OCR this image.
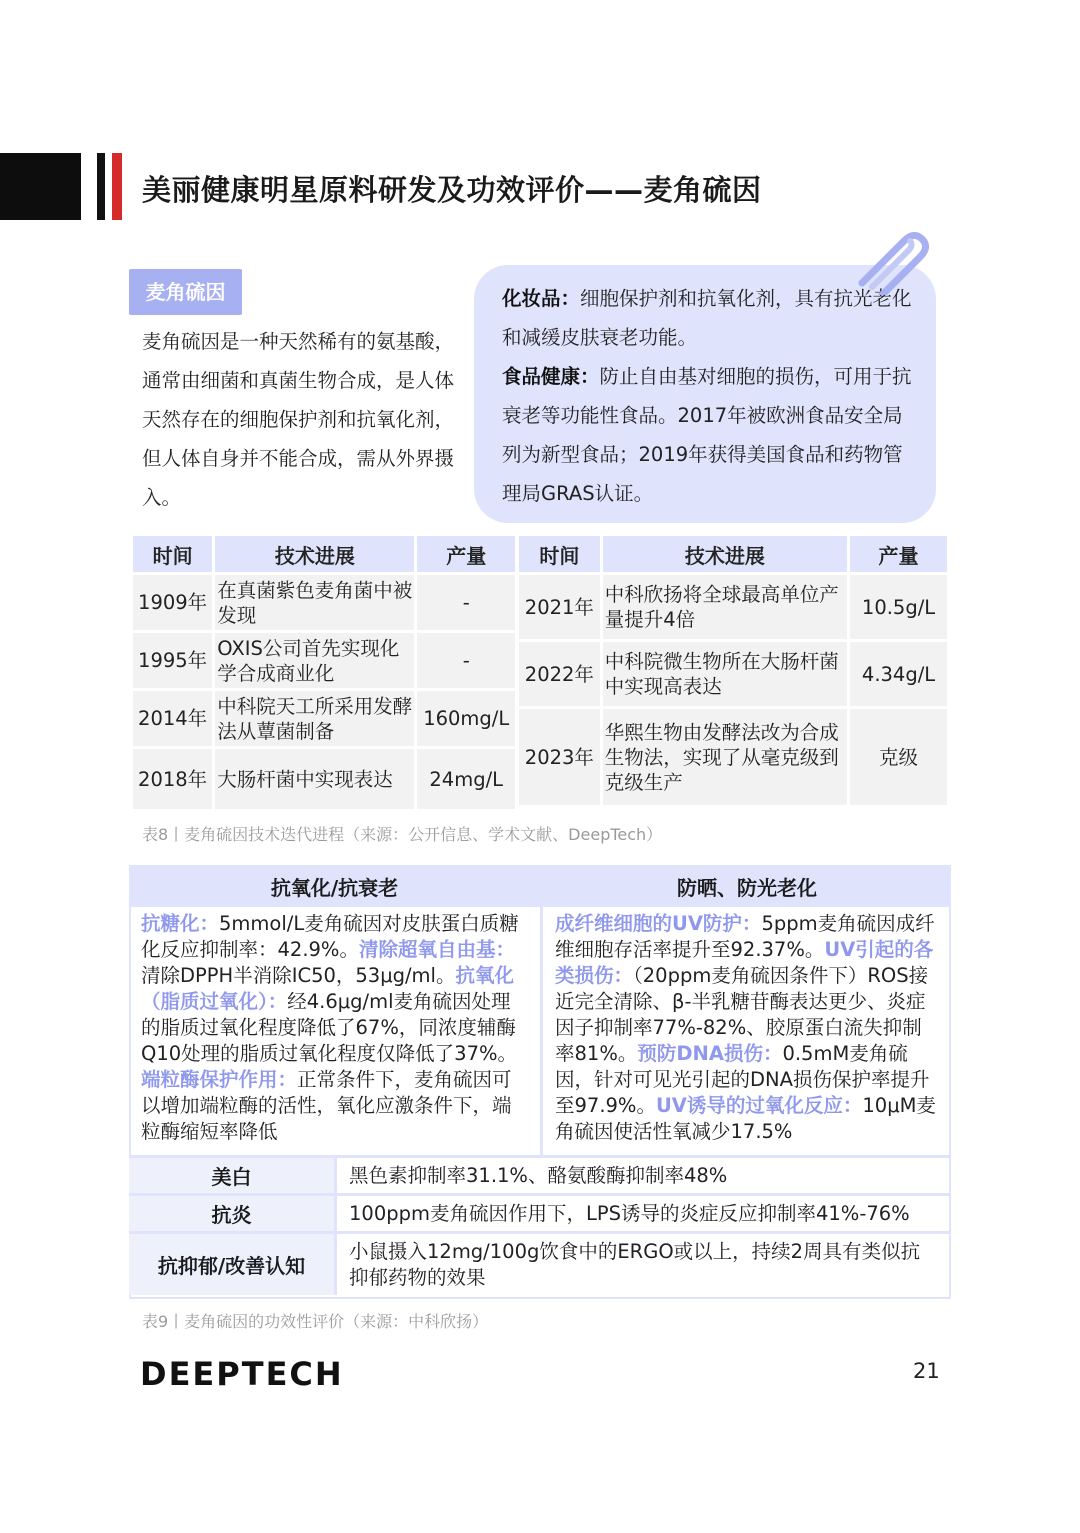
美丽健康明星原料研发及功效评价——麦角硫因
麦角硫因
麦角硫因是一种天然稀有的氨基酸，通常由细菌和真菌生物合成，是人体天然存在的细胞保护剂和抗氧化剂，但人体自身并不能合成，需从外界摄入。
化妆品：细胞保护剂和抗氧化剂，具有抗光老化和减缓皮肤衰老功能。
食品健康：防止自由基对细胞的损伤，可用于抗衰老等功能性食品。2017年被欧洲食品安全局列为新型食品；2019年获得美国食品和药物管理局GRAS认证。
时间	技术进展	产量
1909年	在真菌紫色麦角菌中被发现	-
1995年	OXIS公司首先实现化学合成商业化	-
2014年	中科院天工所采用发酵法从蕈菌制备	160mg/L
2018年	大肠杆菌中实现表达	24mg/L
时间	技术进展	产量
2021年	中科欣扬将全球最高单位产量提升4倍	10.5g/L
2022年	中科院微生物所在大肠杆菌中实现高表达	4.34g/L
2023年	华熙生物由发酵法改为合成生物法，实现了从毫克级到克级生产	克级
表8丨麦角硫因技术迭代进程（来源：公开信息、学术文献、DeepTech）
抗氧化/抗衰老		防晒、防光老化
抗糖化：5mmol/L麦角硫因对皮肤蛋白质糖化反应抑制率：42.9%。清除超氧自由基：清除DPPH半消除IC50，53μg/ml。抗氧化（脂质过氧化）：经4.6μg/ml麦角硫因处理的脂质过氧化程度降低了67%，同浓度辅酶Q10处理的脂质过氧化程度仅降低了37%。端粒酶保护作用：正常条件下，麦角硫因可以增加端粒酶的活性，氧化应激条件下，端粒酶缩短率降低		成纤维细胞的UV防护：5ppm麦角硫因成纤维细胞存活率提升至92.37%。UV引起的各类损伤：（20ppm麦角硫因条件下）ROS接近完全清除、β-半乳糖苷酶表达更少、炎症因子抑制率77%-82%、胶原蛋白流失抑制率81%。预防DNA损伤：0.5mM麦角硫因，针对可见光引起的DNA损伤保护率提升至97.9%。UV诱导的过氧化反应：10μM麦角硫因使活性氧减少17.5%
美白	黑色素抑制率31.1%、酪氨酸酶抑制率48%	
抗炎	100ppm麦角硫因作用下，LPS诱导的炎症反应抑制率41%-76%	
抗抑郁/改善认知	小鼠摄入12mg/100g饮食中的ERGO或以上，持续2周具有类似抗抑郁药物的效果	
表9丨麦角硫因的功效性评价（来源：中科欣扬）
DEEPTECH	21
